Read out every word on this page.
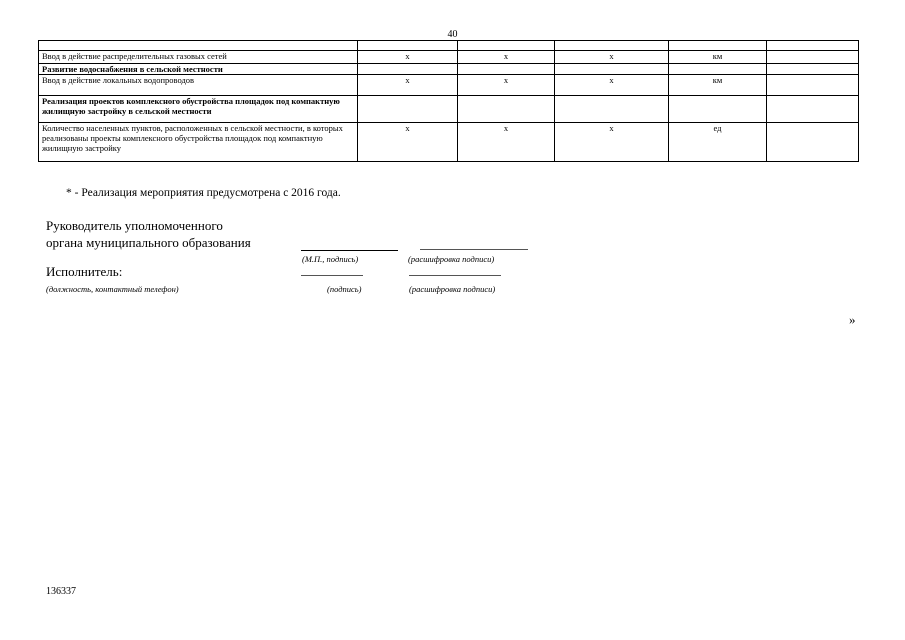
40

Ввод в действие распределительных газовых сетей	x	x	x	км	
Развитие водоснабжения в сельской местности					
Ввод в действие локальных водопроводов	x	x	x	км	
Реализация проектов комплексного обустройства площадок под компактную жилищную застройку в сельской местности					
Количество населенных пунктов, расположенных в сельской местности, в которых реализованы проекты комплексного обустройства площадок под компактную жилищную застройку	x	x	x	ед	
* - Реализация мероприятия предусмотрена с 2016 года.
Руководитель уполномоченного
органа муниципального образования
(М.П., подпись)	(расшифровка подписи)
Исполнитель:
(должность, контактный телефон)	(подпись)	(расшифровка подписи)
»
136337
